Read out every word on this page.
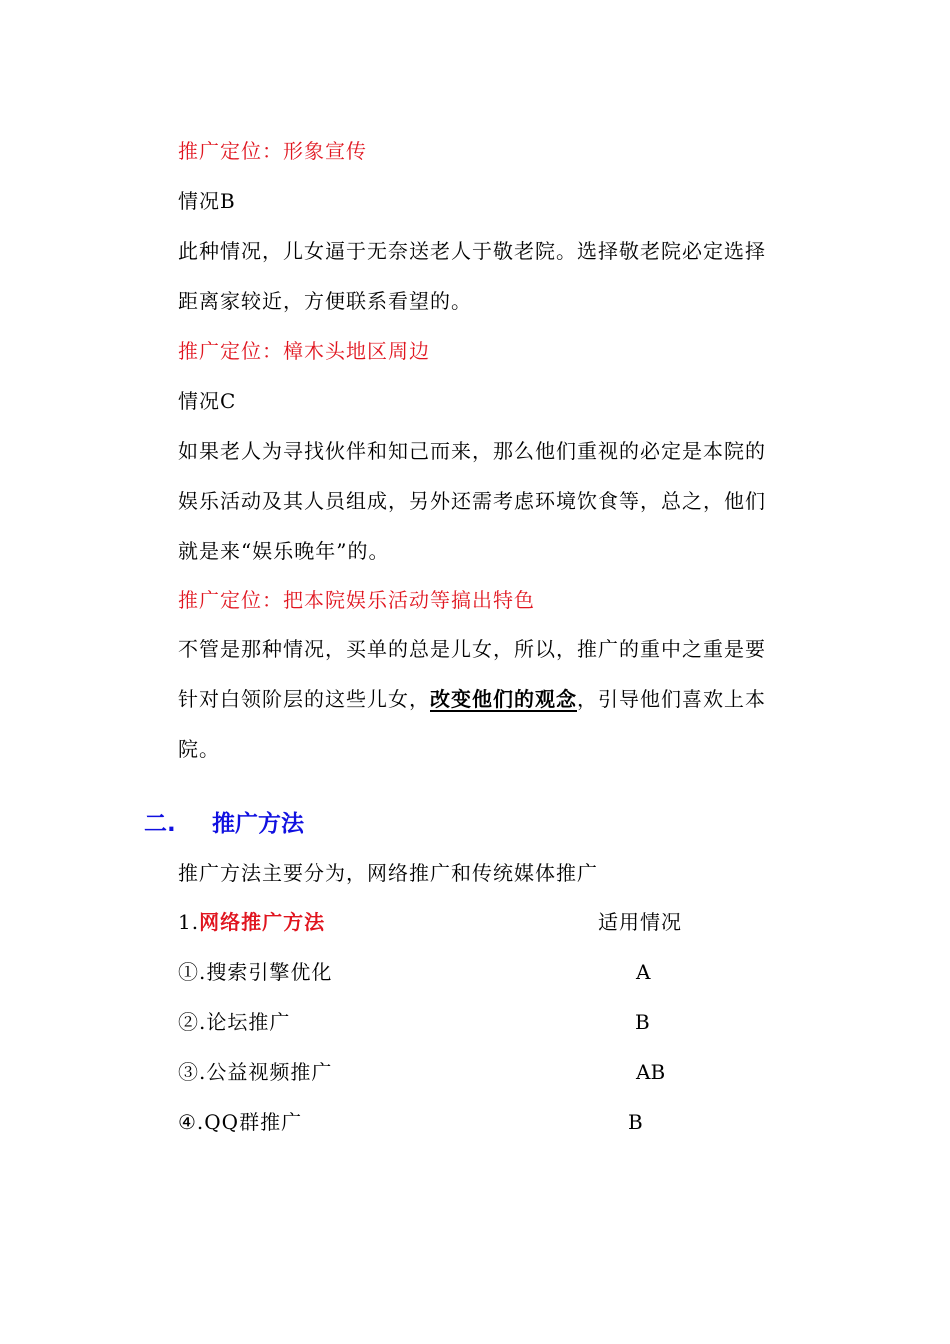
推广定位：形象宣传
情况B
此种情况，儿女逼于无奈送老人于敬老院。选择敬老院必定选择
距离家较近，方便联系看望的。
推广定位：樟木头地区周边
情况C
如果老人为寻找伙伴和知己而来，那么他们重视的必定是本院的
娱乐活动及其人员组成，另外还需考虑环境饮食等，总之，他们
就是来“娱乐晚年”的。
推广定位：把本院娱乐活动等搞出特色
不管是那种情况，买单的总是儿女，所以，推广的重中之重是要
针对白领阶层的这些儿女，改变他们的观念，引导他们喜欢上本
院。
二. 推广方法
推广方法主要分为，网络推广和传统媒体推广
1.网络推广方法	适用情况
①.搜索引擎优化	A
②.论坛推广	B
③.公益视频推广	AB
④.QQ群推广	B
